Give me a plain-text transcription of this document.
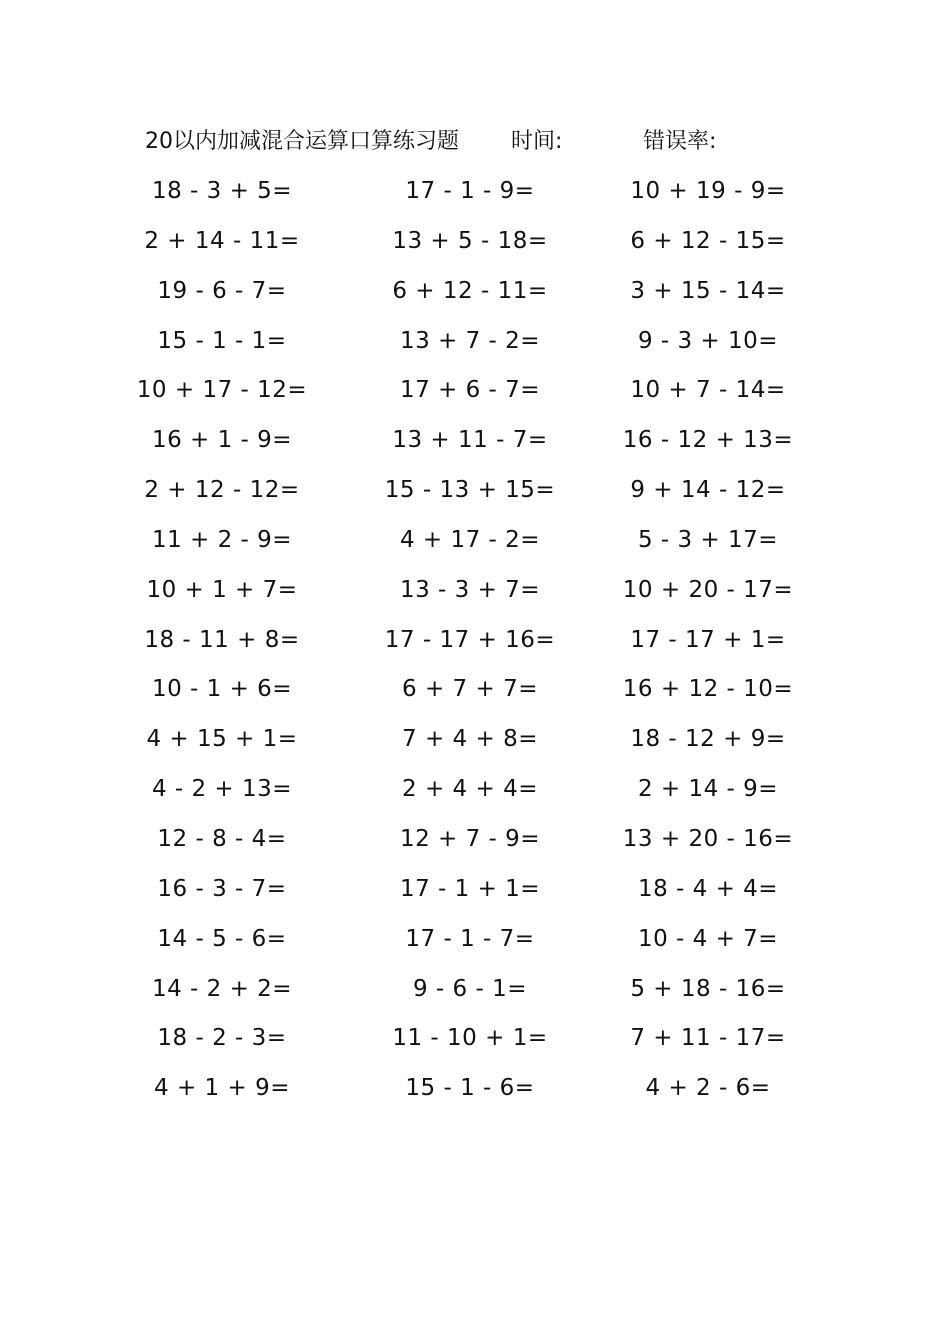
20以内加减混合运算口算练习题 时间:	错误率:
18 - 3 + 5=	17 - 1 - 9=	10 + 19 - 9=
2 + 14 - 11=	13 + 5 - 18=	6 + 12 - 15=
19 - 6 - 7=	6 + 12 - 11=	3 + 15 - 14=
15 - 1 - 1=	13 + 7 - 2=	9 - 3 + 10=
10 + 17 - 12=	17 + 6 - 7=	10 + 7 - 14=
16 + 1 - 9=	13 + 11 - 7=	16 - 12 + 13=
2 + 12 - 12=	15 - 13 + 15=	9 + 14 - 12=
11 + 2 - 9=	4 + 17 - 2=	5 - 3 + 17=
10 + 1 + 7=	13 - 3 + 7=	10 + 20 - 17=
18 - 11 + 8=	17 - 17 + 16=	17 - 17 + 1=
10 - 1 + 6=	6 + 7 + 7=	16 + 12 - 10=
4 + 15 + 1=	7 + 4 + 8=	18 - 12 + 9=
4 - 2 + 13=	2 + 4 + 4=	2 + 14 - 9=
12 - 8 - 4=	12 + 7 - 9=	13 + 20 - 16=
16 - 3 - 7=	17 - 1 + 1=	18 - 4 + 4=
14 - 5 - 6=	17 - 1 - 7=	10 - 4 + 7=
14 - 2 + 2=	9 - 6 - 1=	5 + 18 - 16=
18 - 2 - 3=	11 - 10 + 1=	7 + 11 - 17=
4 + 1 + 9=	15 - 1 - 6=	4 + 2 - 6=
